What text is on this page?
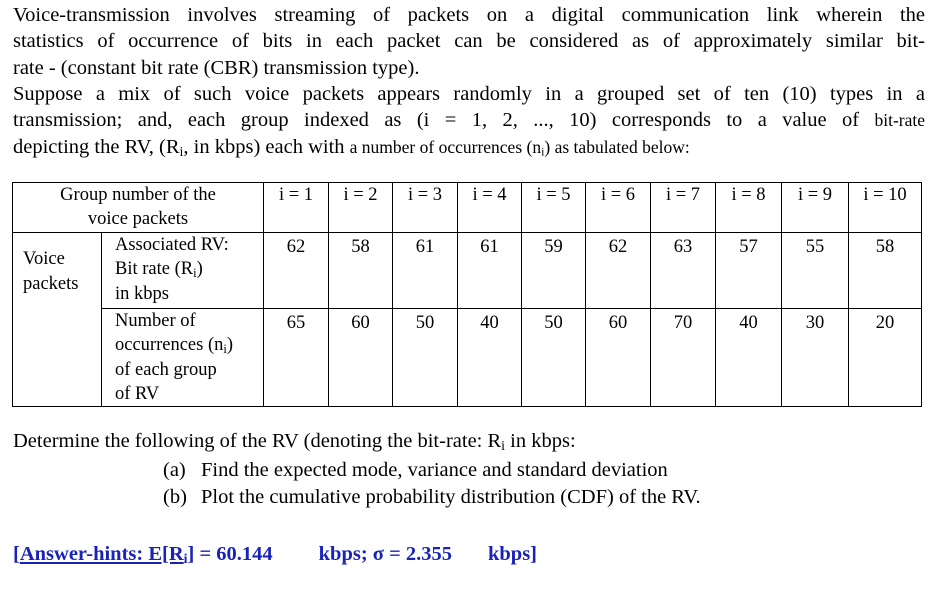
Voice-transmission involves streaming of packets on a digital communication link wherein the
statistics of occurrence of bits in each packet can be considered as of approximately similar bit-
rate - (constant bit rate (CBR) transmission type).
Suppose a mix of such voice packets appears randomly in a grouped set of ten (10) types in a
transmission; and, each group indexed as (i = 1, 2, ..., 10) corresponds to a value of bit-rate
depicting the RV, ($R_i$, in kbps) each with a number of occurrences $(n_i)$ as tabulated below:
Group number of the
voice packets		i = 1	i = 2	i = 3	i = 4	i = 5	i = 6	i = 7	i = 8	i = 9	i = 10

Voice
packets	Associated RV:
Bit rate $(R_i)$
in kbps	62	58	61	61	59	62	63	57	55	58

	Number of
occurrences $(n_i)$
of each group
of RV	65	60	50	40	50	60	70	40	30	20
Determine the following of the RV (denoting the bit-rate: $R_i$ in kbps:
(a) Find the expected mode, variance and standard deviation
(b) Plot the cumulative probability distribution (CDF) of the RV.
[Answer-hints: $E[R_i] = 60.144$ kbps; σ = 2.355 kbps]
